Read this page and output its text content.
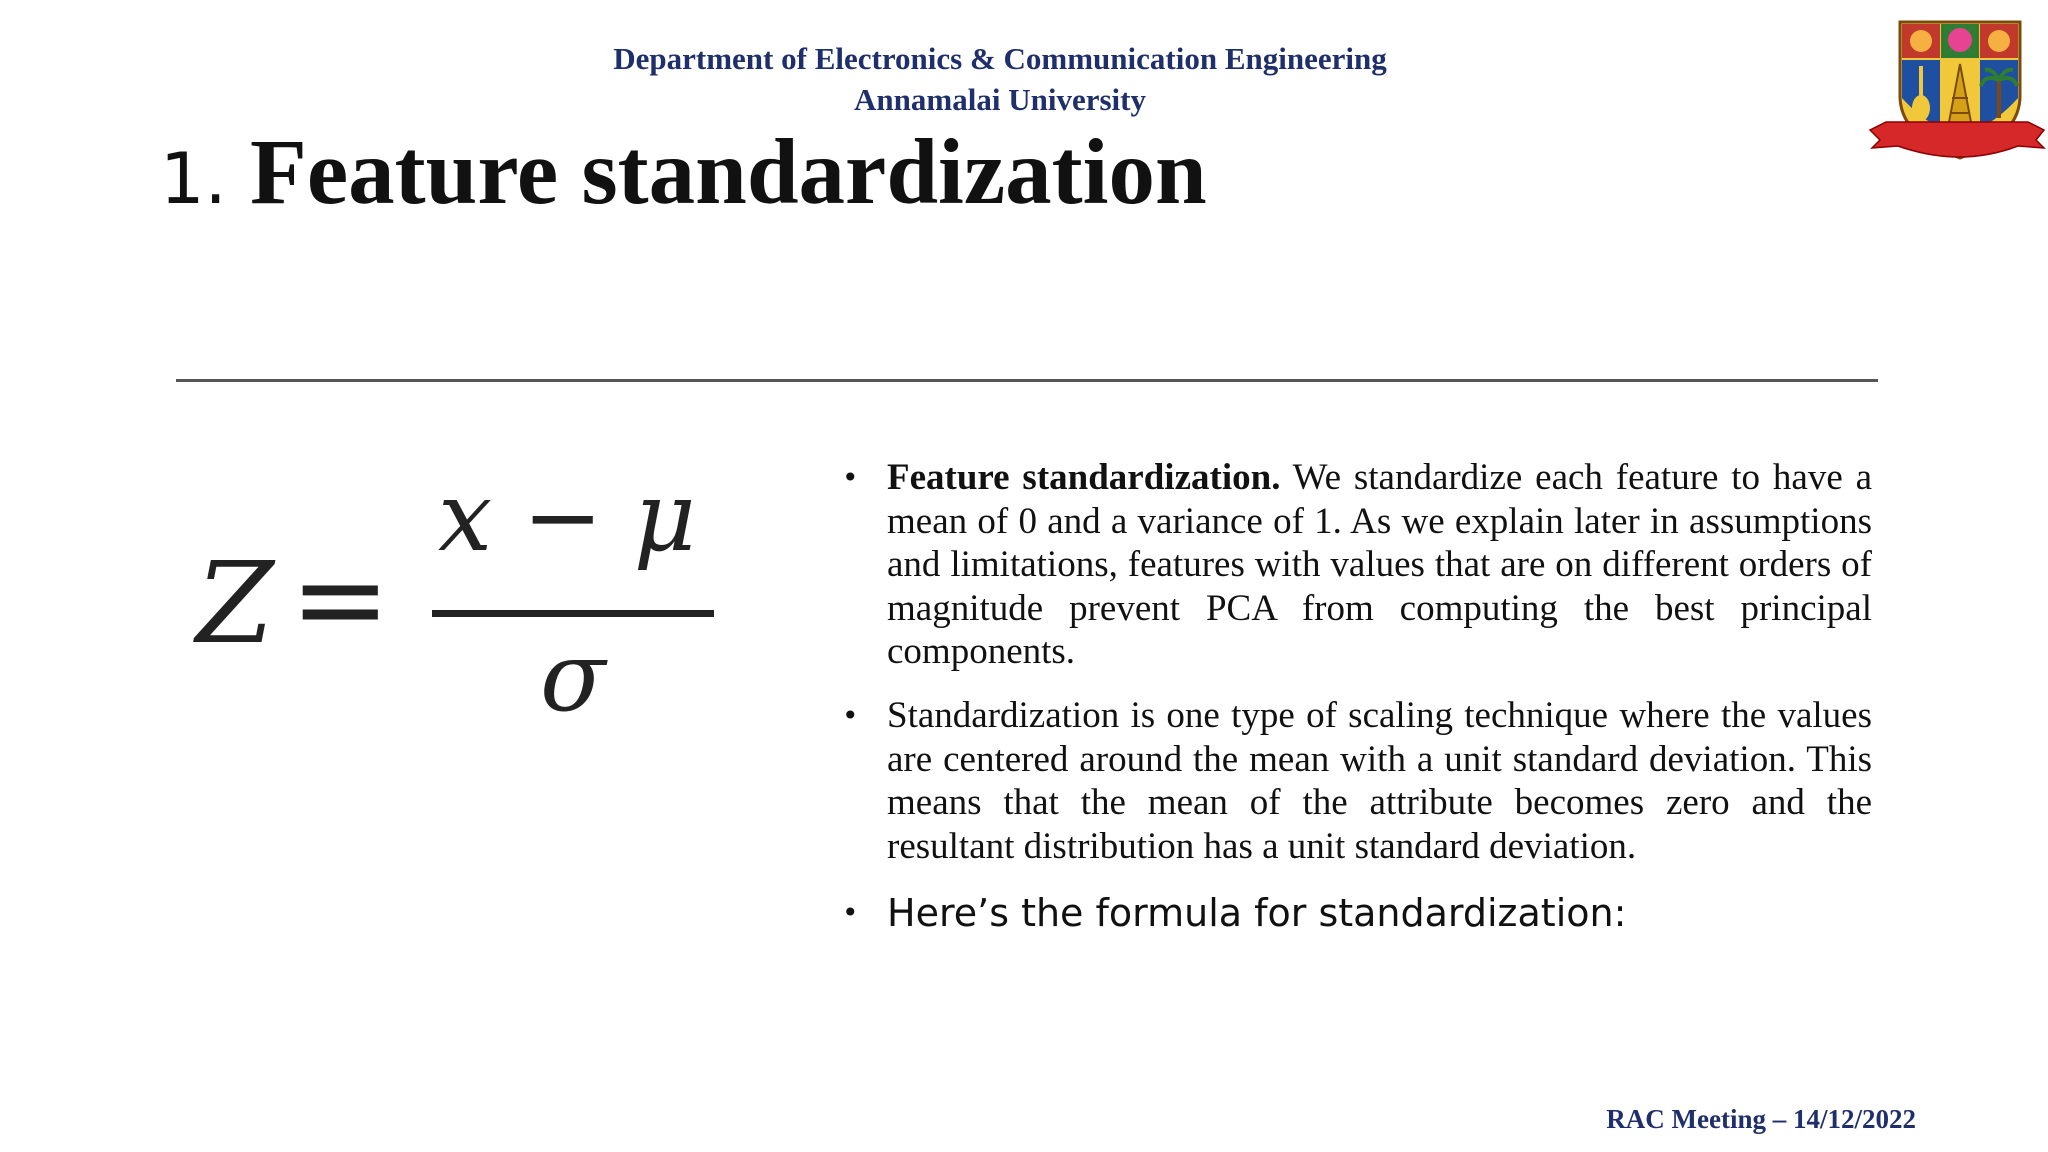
Department of Electronics & Communication Engineering
Annamalai University
1. Feature standardization
Z =
x − μ
σ
• Feature standardization. We standardize each feature to have a mean of 0 and a variance of 1. As we explain later in assumptions and limitations, features with values that are on different orders of magnitude prevent PCA from computing the best principal components.
• Standardization is one type of scaling technique where the values are centered around the mean with a unit standard deviation. This means that the mean of the attribute becomes zero and the resultant distribution has a unit standard deviation.
• Here’s the formula for standardization:
RAC Meeting – 14/12/2022
